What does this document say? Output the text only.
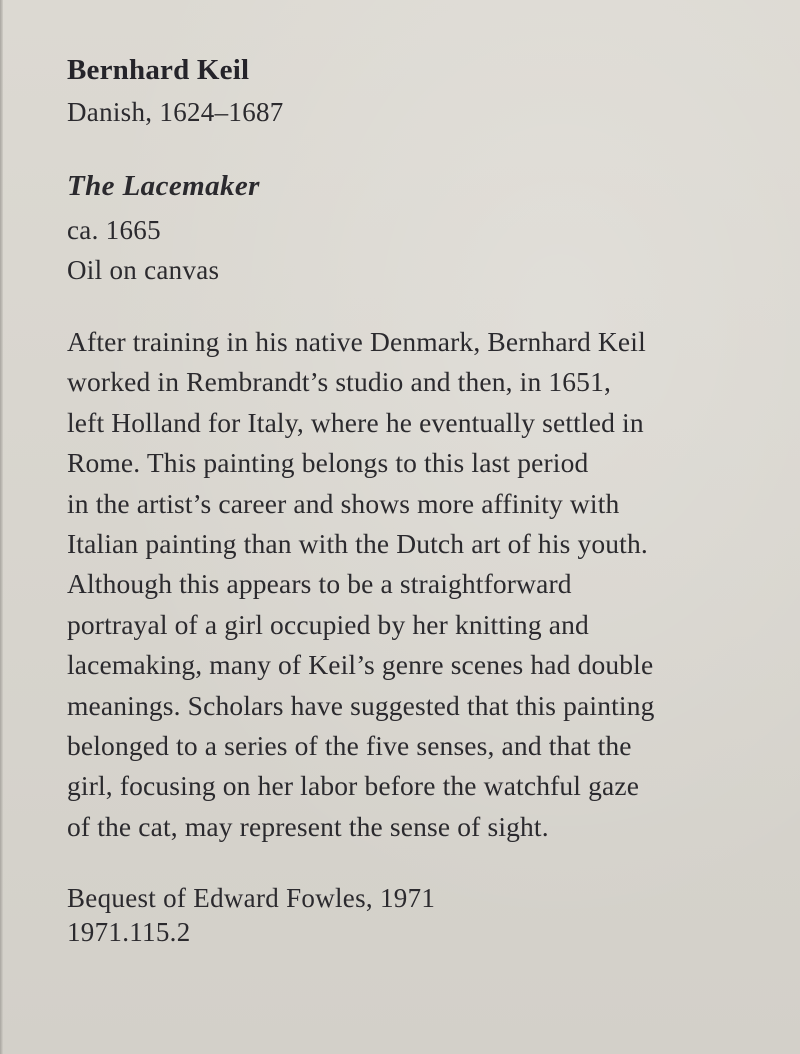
Bernhard Keil

Danish, 1624–1687

The Lacemaker

ca. 1665

Oil on canvas

After training in his native Denmark, Bernhard Keil
worked in Rembrandt’s studio and then, in 1651,
left Holland for Italy, where he eventually settled in
Rome. This painting belongs to this last period
in the artist’s career and shows more affinity with
Italian painting than with the Dutch art of his youth.
Although this appears to be a straightforward
portrayal of a girl occupied by her knitting and
lacemaking, many of Keil’s genre scenes had double
meanings. Scholars have suggested that this painting
belonged to a series of the five senses, and that the
girl, focusing on her labor before the watchful gaze
of the cat, may represent the sense of sight.

Bequest of Edward Fowles, 1971

1971.115.2
